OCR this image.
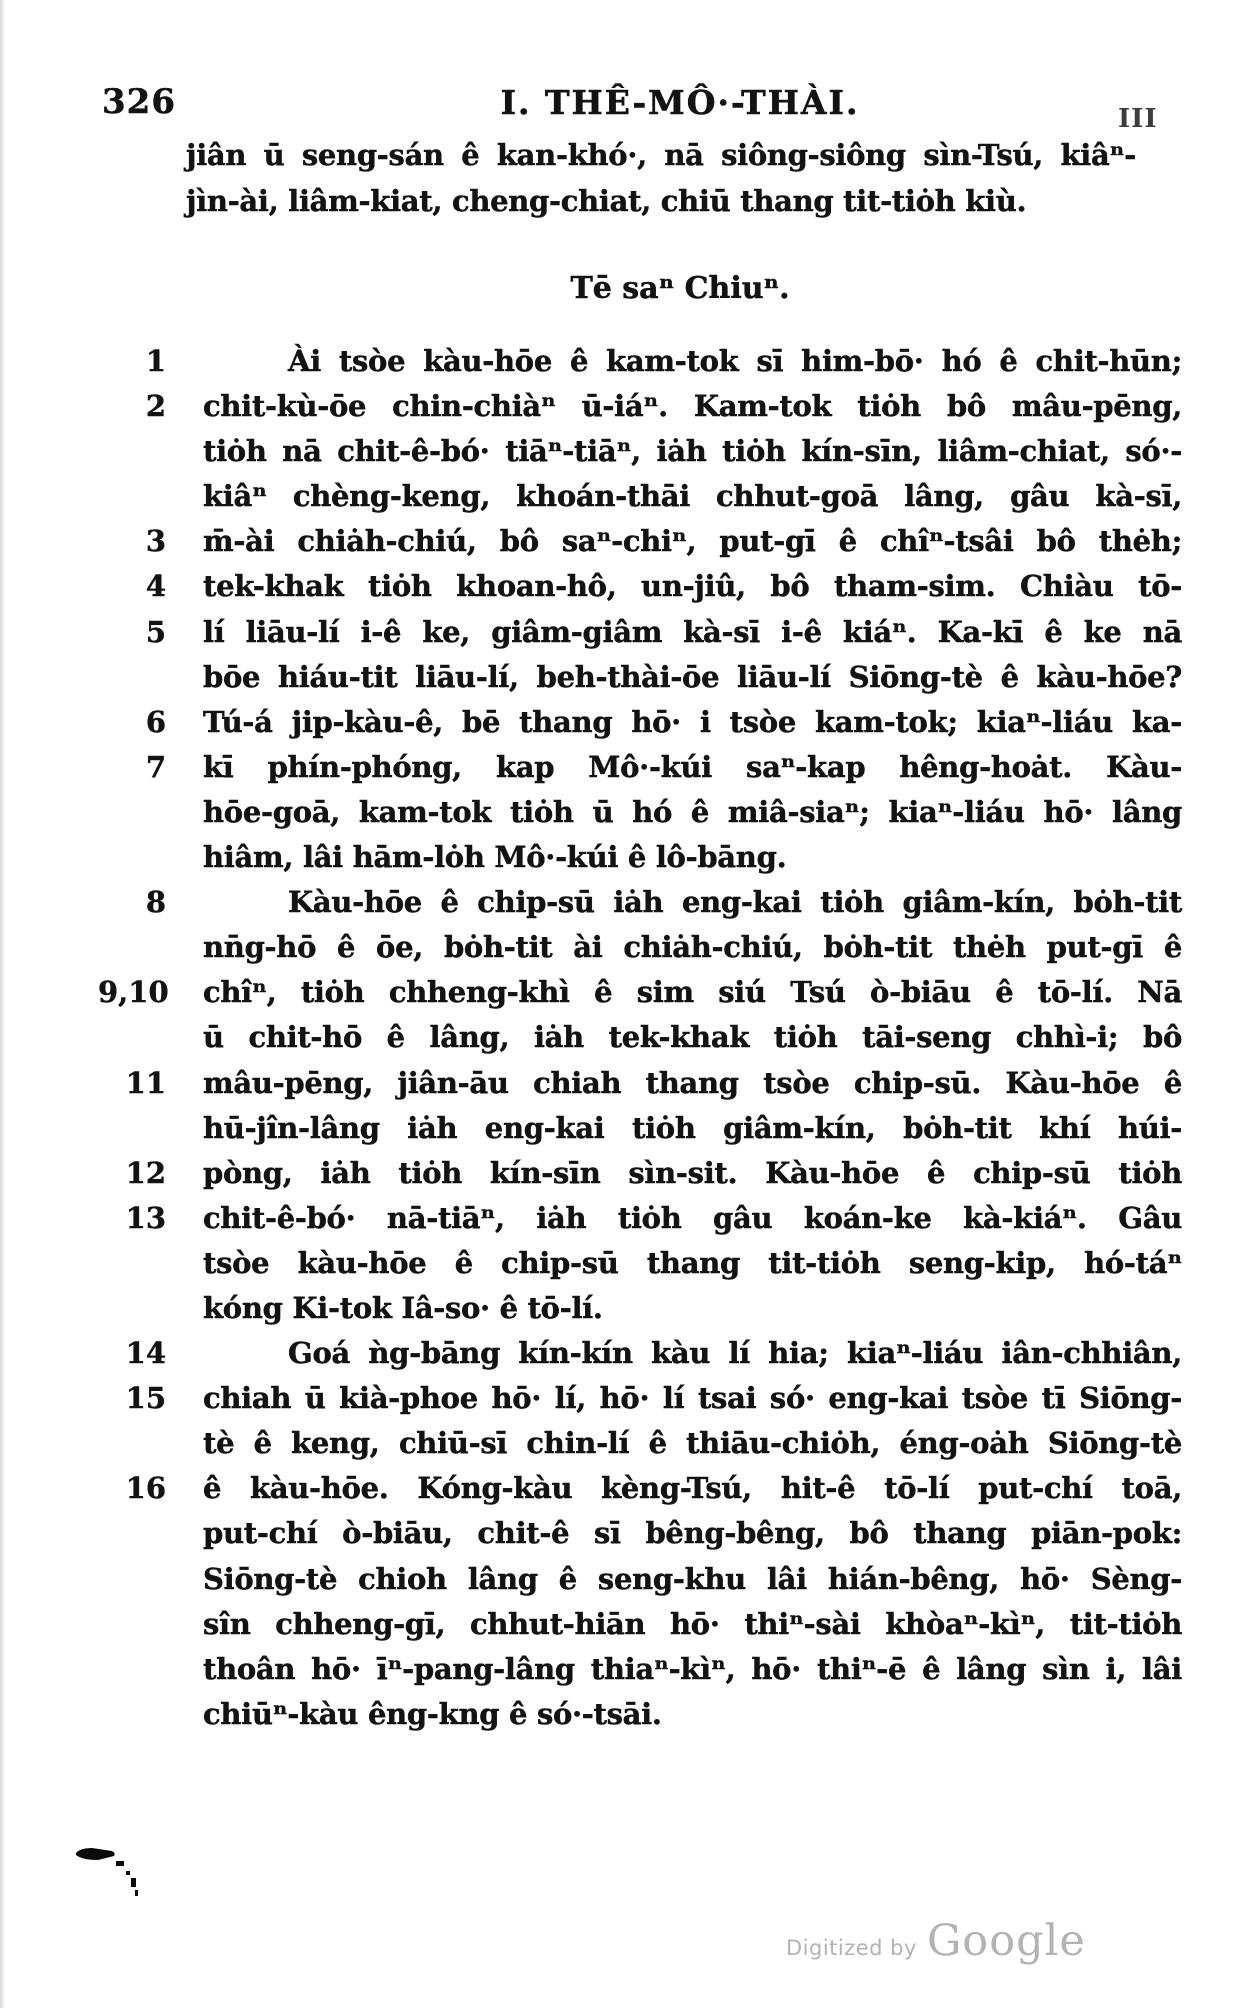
326	I. THÊ-MÔ·-THÀI.	III
jiân ū seng-sán ê kan-khó·, nā siông-siông sìn-Tsú, kiâⁿ-
jìn-ài, liâm-kiat, cheng-chiat, chiū thang tit-tiȯh kiù.
Tē saⁿ Chiuⁿ.
1	Ài tsòe kàu-hōe ê kam-tok sī him-bō· hó ê chit-hūn;
2 chit-kù-ōe chin-chiàⁿ ū-iáⁿ. Kam-tok tiȯh bô mâu-pēng,
tiȯh nā chit-ê-bó· tiāⁿ-tiāⁿ, iȧh tiȯh kín-sīn, liâm-chiat, só·-
kiâⁿ chèng-keng, khoán-thāi chhut-goā lâng, gâu kà-sī,
3 m̄-ài chiȧh-chiú, bô saⁿ-chiⁿ, put-gī ê chîⁿ-tsâi bô thėh;
4 tek-khak tiȯh khoan-hô, un-jiû, bô tham-sim. Chiàu tō-
5 lí liāu-lí i-ê ke, giâm-giâm kà-sī i-ê kiáⁿ. Ka-kī ê ke nā
bōe hiáu-tit liāu-lí, beh-thài-ōe liāu-lí Siōng-tè ê kàu-hōe?
6 Tú-á jip-kàu-ê, bē thang hō· i tsòe kam-tok; kiaⁿ-liáu ka-
7 kī phín-phóng, kap Mô·-kúi saⁿ-kap hêng-hoȧt. Kàu-
hōe-goā, kam-tok tiȯh ū hó ê miâ-siaⁿ; kiaⁿ-liáu hō· lâng
hiâm, lâi hām-lȯh Mô·-kúi ê lô-bāng.
8	Kàu-hōe ê chip-sū iȧh eng-kai tiȯh giâm-kín, bȯh-tit
nn̄g-hō ê ōe, bȯh-tit ài chiȧh-chiú, bȯh-tit thėh put-gī ê
9,10 chîⁿ, tiȯh chheng-khì ê sim siú Tsú ò-biāu ê tō-lí. Nā
ū chit-hō ê lâng, iȧh tek-khak tiȯh tāi-seng chhì-i; bô
11 mâu-pēng, jiân-āu chiah thang tsòe chip-sū. Kàu-hōe ê
hū-jîn-lâng iȧh eng-kai tiȯh giâm-kín, bȯh-tit khí húi-
12 pòng, iȧh tiȯh kín-sīn sìn-sit. Kàu-hōe ê chip-sū tiȯh
13 chit-ê-bó· nā-tiāⁿ, iȧh tiȯh gâu koán-ke kà-kiáⁿ. Gâu
tsòe kàu-hōe ê chip-sū thang tit-tiȯh seng-kip, hó-táⁿ
kóng Ki-tok Iâ-so· ê tō-lí.
14	Goá ǹg-bāng kín-kín kàu lí hia; kiaⁿ-liáu iân-chhiân,
15 chiah ū kià-phoe hō· lí, hō· lí tsai só· eng-kai tsòe tī Siōng-
tè ê keng, chiū-sī chin-lí ê thiāu-chiȯh, éng-oȧh Siōng-tè
16 ê kàu-hōe. Kóng-kàu kèng-Tsú, hit-ê tō-lí put-chí toā,
put-chí ò-biāu, chit-ê sī bêng-bêng, bô thang piān-pok:
Siōng-tè chioh lâng ê seng-khu lâi hián-bêng, hō· Sèng-
sîn chheng-gī, chhut-hiān hō· thiⁿ-sài khòaⁿ-kìⁿ, tit-tiȯh
thoân hō· īⁿ-pang-lâng thiaⁿ-kìⁿ, hō· thiⁿ-ē ê lâng sìn i, lâi
chiūⁿ-kàu êng-kng ê só·-tsāi.
Digitized by Google
